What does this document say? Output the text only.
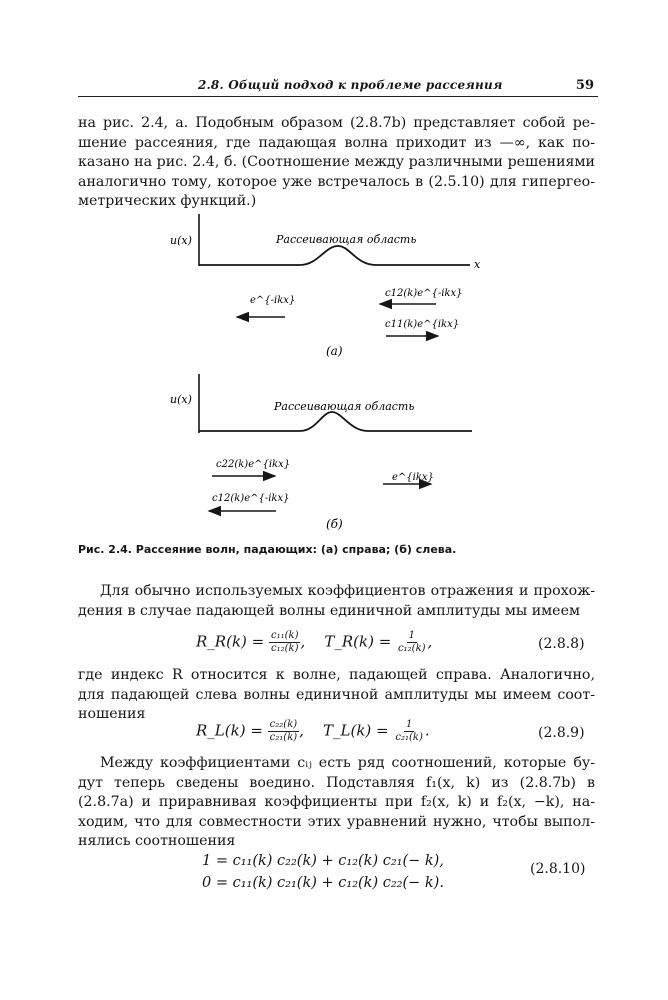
2.8. Общий подход к проблеме рассеяния	59
на рис. 2.4, a. Подобным образом (2.8.7b) представляет собой ре-
шение рассеяния, где падающая волна приходит из —∞, как по-
казано на рис. 2.4, б. (Соотношение между различными решениями
аналогично тому, которое уже встречалось в (2.5.10) для гипергео-
метрических функций.)
u(x)
x
Рассеивающая область
e^{-ikx}
c12(k)e^{-ikx}
c11(k)e^{ikx}
(a)
u(x)
Рассеивающая область
c22(k)e^{ikx}
c12(k)e^{-ikx}
e^{ikx}
(б)
Рис. 2.4. Рассеяние волн, падающих: (a) справа; (б) слева.
Для обычно используемых коэффициентов отражения и прохож-
дения в случае падающей волны единичной амплитуды мы имеем
R_R(k) = $\frac{\text{c₁₁(k)}}{\text{c₁₂(k)}}$ ,    T_R(k) = $\frac{1}{\text{c₁₂(k)}}$ ,	(2.8.8)
где индекс R относится к волне, падающей справа. Аналогично,
для падающей слева волны единичной амплитуды мы имеем соот-
ношения
R_L(k) = $\frac{\text{c₂₂(k)}}{\text{c₂₁(k)}}$ ,    T_L(k) = $\frac{1}{\text{c₂₁(k)}}$ .	(2.8.9)
Между коэффициентами cᵢⱼ есть ряд соотношений, которые бу-
дут теперь сведены воедино. Подставляя f₁(x, k) из (2.8.7b) в
(2.8.7a) и приравнивая коэффициенты при f₂(x, k) и f₂(x, −k), на-
ходим, что для совместности этих уравнений нужно, чтобы выпол-
нялись соотношения
1 = c₁₁(k) c₂₂(k) + c₁₂(k) c₂₁(− k),
0 = c₁₁(k) c₂₁(k) + c₁₂(k) c₂₂(− k).
(2.8.10)
